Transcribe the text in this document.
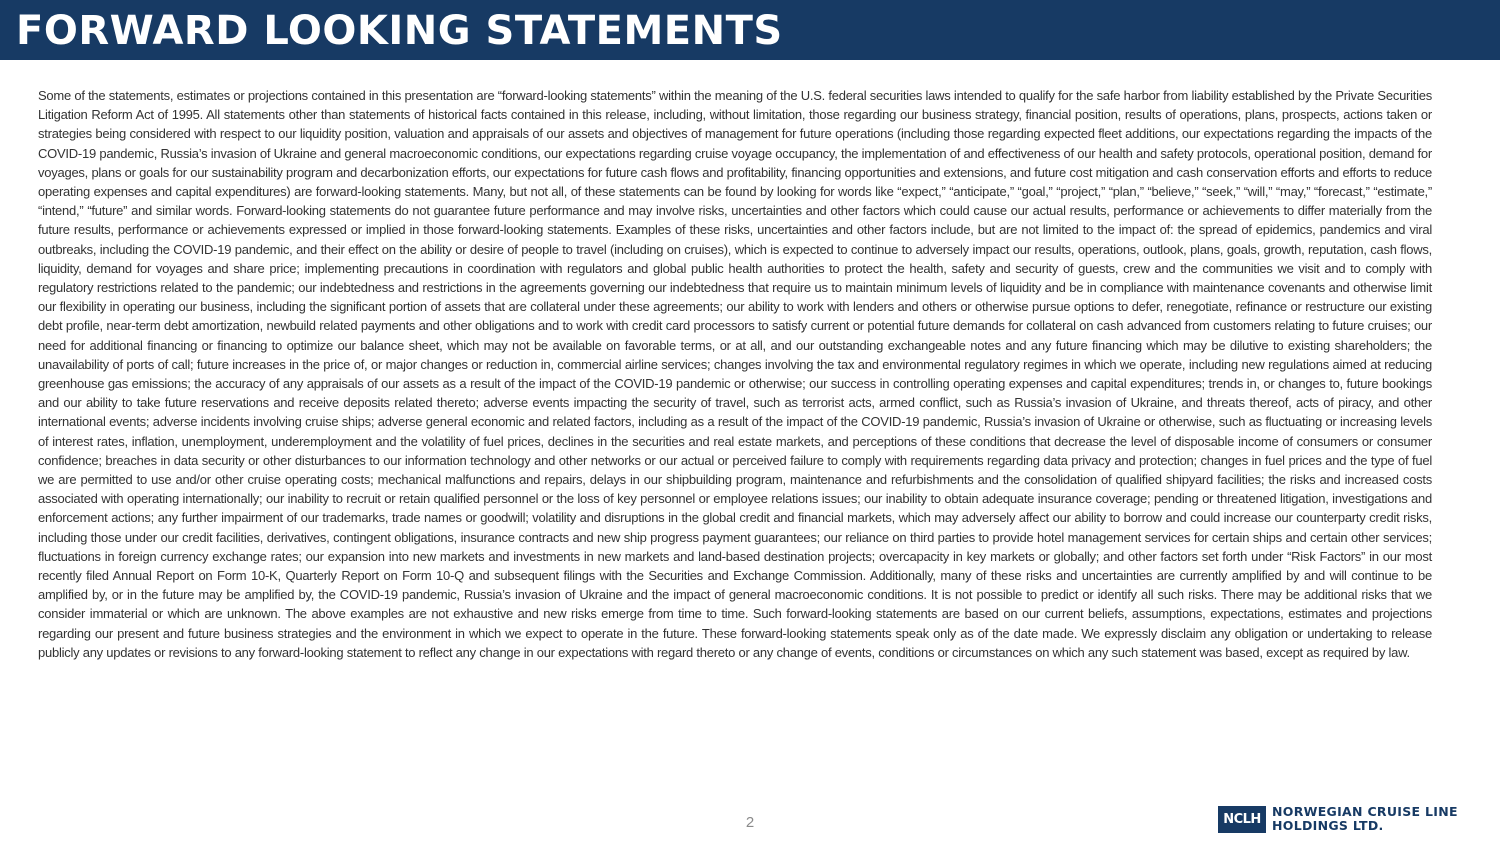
FORWARD LOOKING STATEMENTS

Some of the statements, estimates or projections contained in this presentation are “forward-looking statements” within the meaning of the U.S. federal securities laws intended to qualify for the safe harbor from liability established by the Private Securities Litigation Reform Act of 1995. All statements other than statements of historical facts contained in this release, including, without limitation, those regarding our business strategy, financial position, results of operations, plans, prospects, actions taken or strategies being considered with respect to our liquidity position, valuation and appraisals of our assets and objectives of management for future operations (including those regarding expected fleet additions, our expectations regarding the impacts of the COVID-19 pandemic, Russia’s invasion of Ukraine and general macroeconomic conditions, our expectations regarding cruise voyage occupancy, the implementation of and effectiveness of our health and safety protocols, operational position, demand for voyages, plans or goals for our sustainability program and decarbonization efforts, our expectations for future cash flows and profitability, financing opportunities and extensions, and future cost mitigation and cash conservation efforts and efforts to reduce operating expenses and capital expenditures) are forward-looking statements. Many, but not all, of these statements can be found by looking for words like “expect,” “anticipate,” “goal,” “project,” “plan,” “believe,” “seek,” “will,” “may,” “forecast,” “estimate,” “intend,” “future” and similar words. Forward-looking statements do not guarantee future performance and may involve risks, uncertainties and other factors which could cause our actual results, performance or achievements to differ materially from the future results, performance or achievements expressed or implied in those forward-looking statements. Examples of these risks, uncertainties and other factors include, but are not limited to the impact of: the spread of epidemics, pandemics and viral outbreaks, including the COVID-19 pandemic, and their effect on the ability or desire of people to travel (including on cruises), which is expected to continue to adversely impact our results, operations, outlook, plans, goals, growth, reputation, cash flows, liquidity, demand for voyages and share price; implementing precautions in coordination with regulators and global public health authorities to protect the health, safety and security of guests, crew and the communities we visit and to comply with regulatory restrictions related to the pandemic; our indebtedness and restrictions in the agreements governing our indebtedness that require us to maintain minimum levels of liquidity and be in compliance with maintenance covenants and otherwise limit our flexibility in operating our business, including the significant portion of assets that are collateral under these agreements; our ability to work with lenders and others or otherwise pursue options to defer, renegotiate, refinance or restructure our existing debt profile, near-term debt amortization, newbuild related payments and other obligations and to work with credit card processors to satisfy current or potential future demands for collateral on cash advanced from customers relating to future cruises; our need for additional financing or financing to optimize our balance sheet, which may not be available on favorable terms, or at all, and our outstanding exchangeable notes and any future financing which may be dilutive to existing shareholders; the unavailability of ports of call; future increases in the price of, or major changes or reduction in, commercial airline services; changes involving the tax and environmental regulatory regimes in which we operate, including new regulations aimed at reducing greenhouse gas emissions; the accuracy of any appraisals of our assets as a result of the impact of the COVID-19 pandemic or otherwise; our success in controlling operating expenses and capital expenditures; trends in, or changes to, future bookings and our ability to take future reservations and receive deposits related thereto; adverse events impacting the security of travel, such as terrorist acts, armed conflict, such as Russia’s invasion of Ukraine, and threats thereof, acts of piracy, and other international events; adverse incidents involving cruise ships; adverse general economic and related factors, including as a result of the impact of the COVID-19 pandemic, Russia’s invasion of Ukraine or otherwise, such as fluctuating or increasing levels of interest rates, inflation, unemployment, underemployment and the volatility of fuel prices, declines in the securities and real estate markets, and perceptions of these conditions that decrease the level of disposable income of consumers or consumer confidence; breaches in data security or other disturbances to our information technology and other networks or our actual or perceived failure to comply with requirements regarding data privacy and protection; changes in fuel prices and the type of fuel we are permitted to use and/or other cruise operating costs; mechanical malfunctions and repairs, delays in our shipbuilding program, maintenance and refurbishments and the consolidation of qualified shipyard facilities; the risks and increased costs associated with operating internationally; our inability to recruit or retain qualified personnel or the loss of key personnel or employee relations issues; our inability to obtain adequate insurance coverage; pending or threatened litigation, investigations and enforcement actions; any further impairment of our trademarks, trade names or goodwill; volatility and disruptions in the global credit and financial markets, which may adversely affect our ability to borrow and could increase our counterparty credit risks, including those under our credit facilities, derivatives, contingent obligations, insurance contracts and new ship progress payment guarantees; our reliance on third parties to provide hotel management services for certain ships and certain other services; fluctuations in foreign currency exchange rates; our expansion into new markets and investments in new markets and land-based destination projects; overcapacity in key markets or globally; and other factors set forth under “Risk Factors” in our most recently filed Annual Report on Form 10-K, Quarterly Report on Form 10-Q and subsequent filings with the Securities and Exchange Commission. Additionally, many of these risks and uncertainties are currently amplified by and will continue to be amplified by, or in the future may be amplified by, the COVID-19 pandemic, Russia’s invasion of Ukraine and the impact of general macroeconomic conditions. It is not possible to predict or identify all such risks. There may be additional risks that we consider immaterial or which are unknown. The above examples are not exhaustive and new risks emerge from time to time. Such forward-looking statements are based on our current beliefs, assumptions, expectations, estimates and projections regarding our present and future business strategies and the environment in which we expect to operate in the future. These forward-looking statements speak only as of the date made. We expressly disclaim any obligation or undertaking to release publicly any updates or revisions to any forward-looking statement to reflect any change in our expectations with regard thereto or any change of events, conditions or circumstances on which any such statement was based, except as required by law.

2	NCLH NORWEGIAN CRUISE LINE
HOLDINGS LTD.
